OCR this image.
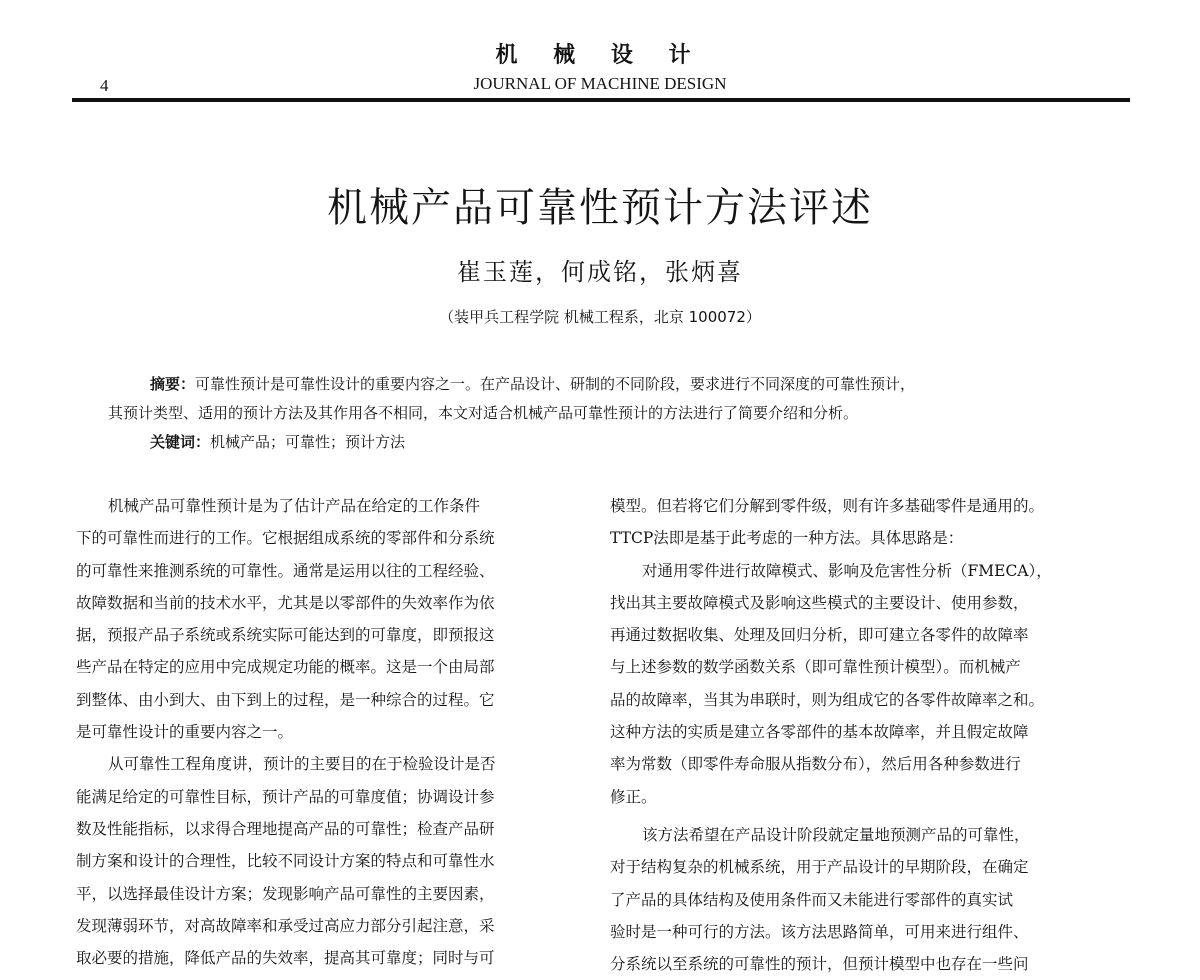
机 械 设 计
4	JOURNAL OF MACHINE DESIGN
机械产品可靠性预计方法评述
崔玉莲，何成铭，张炳喜
（装甲兵工程学院 机械工程系，北京 100072）
摘要：可靠性预计是可靠性设计的重要内容之一。在产品设计、研制的不同阶段，要求进行不同深度的可靠性预计，
其预计类型、适用的预计方法及其作用各不相同，本文对适合机械产品可靠性预计的方法进行了简要介绍和分析。
关键词：机械产品；可靠性；预计方法
机械产品可靠性预计是为了估计产品在给定的工作条件
下的可靠性而进行的工作。它根据组成系统的零部件和分系统
的可靠性来推测系统的可靠性。通常是运用以往的工程经验、
故障数据和当前的技术水平，尤其是以零部件的失效率作为依
据，预报产品子系统或系统实际可能达到的可靠度，即预报这
些产品在特定的应用中完成规定功能的概率。这是一个由局部
到整体、由小到大、由下到上的过程，是一种综合的过程。它
是可靠性设计的重要内容之一。
从可靠性工程角度讲，预计的主要目的在于检验设计是否
能满足给定的可靠性目标，预计产品的可靠度值；协调设计参
数及性能指标，以求得合理地提高产品的可靠性；检查产品研
制方案和设计的合理性，比较不同设计方案的特点和可靠性水
平，以选择最佳设计方案；发现影响产品可靠性的主要因素，
发现薄弱环节，对高故障率和承受过高应力部分引起注意，采
取必要的措施，降低产品的失效率，提高其可靠度；同时与可
模型。但若将它们分解到零件级，则有许多基础零件是通用的。
TTCP法即是基于此考虑的一种方法。具体思路是：
对通用零件进行故障模式、影响及危害性分析（FMECA），
找出其主要故障模式及影响这些模式的主要设计、使用参数，
再通过数据收集、处理及回归分析，即可建立各零件的故障率
与上述参数的数学函数关系（即可靠性预计模型）。而机械产
品的故障率，当其为串联时，则为组成它的各零件故障率之和。
这种方法的实质是建立各零部件的基本故障率，并且假定故障
率为常数（即零件寿命服从指数分布），然后用各种参数进行
修正。
该方法希望在产品设计阶段就定量地预测产品的可靠性，
对于结构复杂的机械系统，用于产品设计的早期阶段，在确定
了产品的具体结构及使用条件而又未能进行零部件的真实试
验时是一种可行的方法。该方法思路简单，可用来进行组件、
分系统以至系统的可靠性的预计，但预计模型中也存在一些问
